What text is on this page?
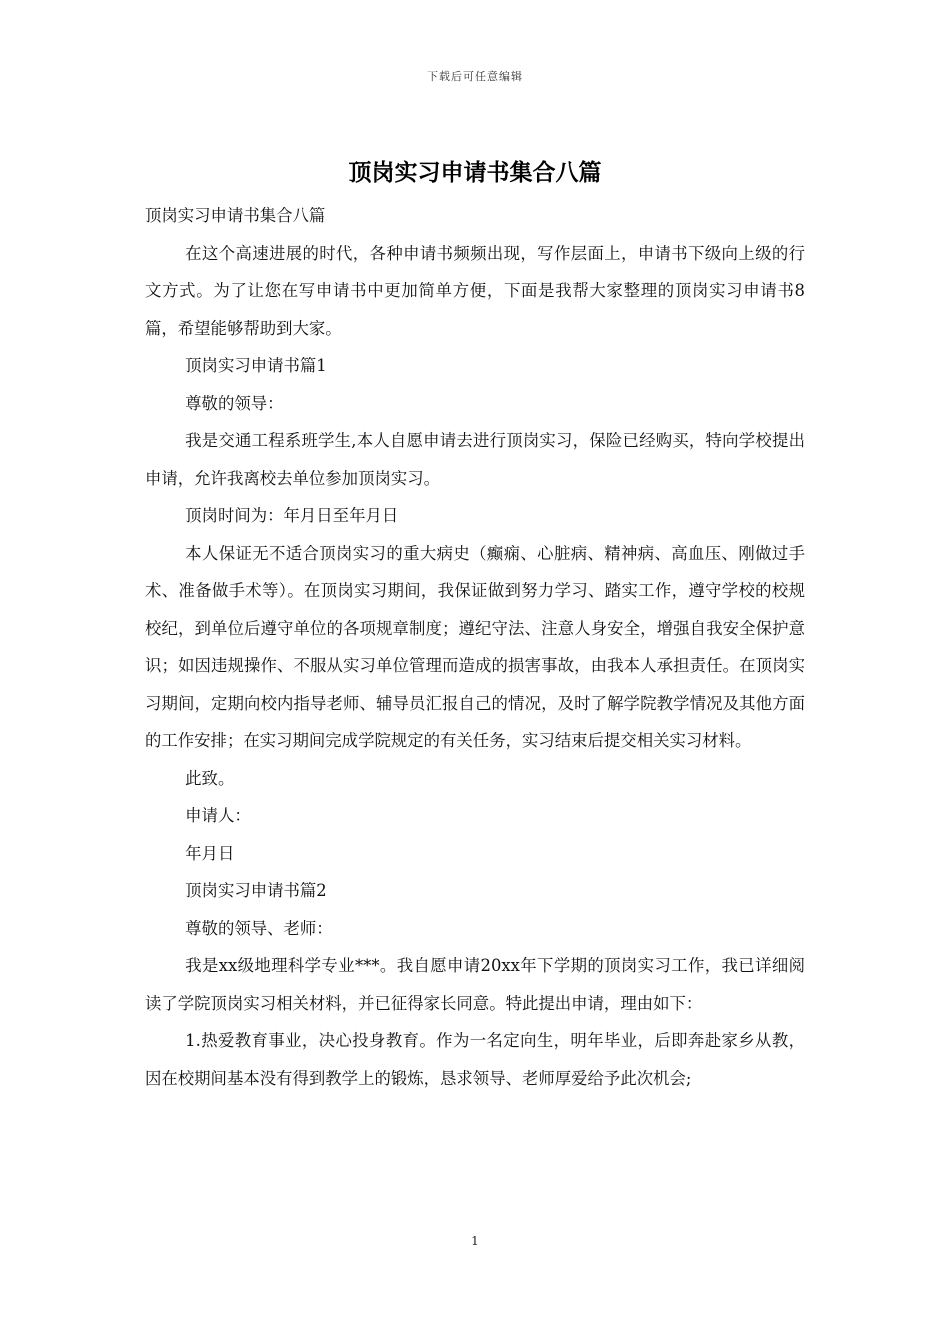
下载后可任意编辑
顶岗实习申请书集合八篇

顶岗实习申请书集合八篇

在这个高速进展的时代，各种申请书频频出现，写作层面上，申请书下级向上级的行文方式。为了让您在写申请书中更加简单方便，下面是我帮大家整理的顶岗实习申请书8篇，希望能够帮助到大家。

顶岗实习申请书篇1

尊敬的领导：

我是交通工程系班学生,本人自愿申请去进行顶岗实习，保险已经购买，特向学校提出申请，允许我离校去单位参加顶岗实习。

顶岗时间为：年月日至年月日

本人保证无不适合顶岗实习的重大病史（癫痫、心脏病、精神病、高血压、刚做过手术、准备做手术等）。在顶岗实习期间，我保证做到努力学习、踏实工作，遵守学校的校规校纪，到单位后遵守单位的各项规章制度；遵纪守法、注意人身安全，增强自我安全保护意识；如因违规操作、不服从实习单位管理而造成的损害事故，由我本人承担责任。在顶岗实习期间，定期向校内指导老师、辅导员汇报自己的情况，及时了解学院教学情况及其他方面的工作安排；在实习期间完成学院规定的有关任务，实习结束后提交相关实习材料。

此致。

申请人：

年月日

顶岗实习申请书篇2

尊敬的领导、老师：

我是xx级地理科学专业***。我自愿申请20xx年下学期的顶岗实习工作，我已详细阅读了学院顶岗实习相关材料，并已征得家长同意。特此提出申请，理由如下：

1.热爱教育事业，决心投身教育。作为一名定向生，明年毕业，后即奔赴家乡从教，因在校期间基本没有得到教学上的锻炼，恳求领导、老师厚爱给予此次机会;

1
